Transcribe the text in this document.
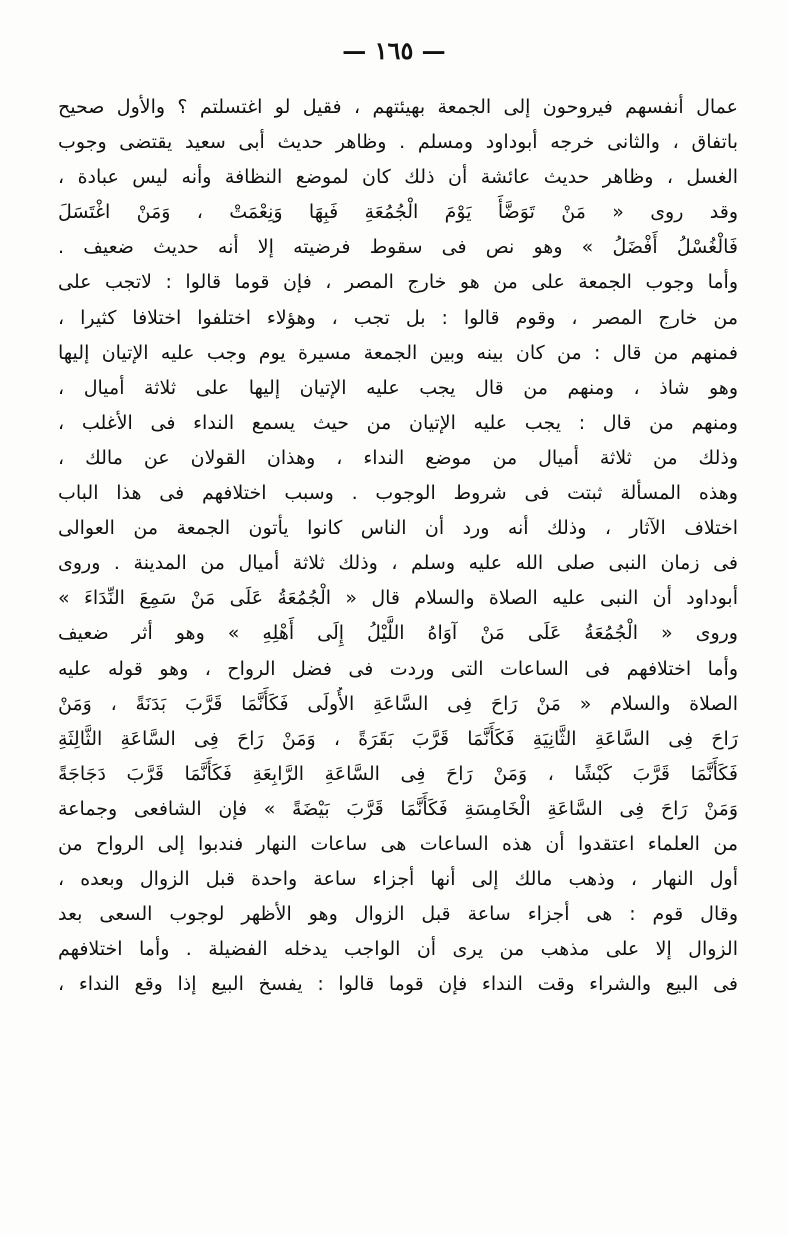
— ١٦٥ —
عمال أنفسهم فيروحون إلى الجمعة بهيئتهم ، فقيل لو اغتسلتم ؟ والأول صحيح
باتفاق ، والثانى خرجه أبوداود ومسلم . وظاهر حديث أبى سعيد يقتضى وجوب
الغسل ، وظاهر حديث عائشة أن ذلك كان لموضع النظافة وأنه ليس عبادة ،
وقد روى « مَنْ تَوَضَّأَ يَوْمَ الْجُمُعَةِ فَبِهَا وَنِعْمَتْ ، وَمَنْ اغْتَسَلَ
فَالْغُسْلُ أَفْضَلُ » وهو نص فى سقوط فرضيته إلا أنه حديث ضعيف .
وأما وجوب الجمعة على من هو خارج المصر ، فإن قوما قالوا : لاتجب على
من خارج المصر ، وقوم قالوا : بل تجب ، وهؤلاء اختلفوا اختلافا كثيرا ،
فمنهم من قال : من كان بينه وبين الجمعة مسيرة يوم وجب عليه الإتيان إليها
وهو شاذ ، ومنهم من قال يجب عليه الإتيان إليها على ثلاثة أميال ،
ومنهم من قال : يجب عليه الإتيان من حيث يسمع النداء فى الأغلب ،
وذلك من ثلاثة أميال من موضع النداء ، وهذان القولان عن مالك ،
وهذه المسألة ثبتت فى شروط الوجوب . وسبب اختلافهم فى هذا الباب
اختلاف الآثار ، وذلك أنه ورد أن الناس كانوا يأتون الجمعة من العوالى
فى زمان النبى صلى الله عليه وسلم ، وذلك ثلاثة أميال من المدينة . وروى
أبوداود أن النبى عليه الصلاة والسلام قال « الْجُمُعَةُ عَلَى مَنْ سَمِعَ النِّدَاءَ »
وروى « الْجُمُعَةُ عَلَى مَنْ آوَاهُ اللَّيْلُ إِلَى أَهْلِهِ » وهو أثر ضعيف
وأما اختلافهم فى الساعات التى وردت فى فضل الرواح ، وهو قوله عليه
الصلاة والسلام « مَنْ رَاحَ فِى السَّاعَةِ الأُولَى فَكَأَنَّمَا قَرَّبَ بَدَنَةً ، وَمَنْ
رَاحَ فِى السَّاعَةِ الثَّانِيَةِ فَكَأَنَّمَا قَرَّبَ بَقَرَةً ، وَمَنْ رَاحَ فِى السَّاعَةِ الثَّالِثَةِ
فَكَأَنَّمَا قَرَّبَ كَبْشًا ، وَمَنْ رَاحَ فِى السَّاعَةِ الرَّابِعَةِ فَكَأَنَّمَا قَرَّبَ دَجَاجَةً
وَمَنْ رَاحَ فِى السَّاعَةِ الْخَامِسَةِ فَكَأَنَّمَا قَرَّبَ بَيْضَةً » فإن الشافعى وجماعة
من العلماء اعتقدوا أن هذه الساعات هى ساعات النهار فندبوا إلى الرواح من
أول النهار ، وذهب مالك إلى أنها أجزاء ساعة واحدة قبل الزوال وبعده ،
وقال قوم : هى أجزاء ساعة قبل الزوال وهو الأظهر لوجوب السعى بعد
الزوال إلا على مذهب من يرى أن الواجب يدخله الفضيلة . وأما اختلافهم
فى البيع والشراء وقت النداء فإن قوما قالوا : يفسخ البيع إذا وقع النداء ،
